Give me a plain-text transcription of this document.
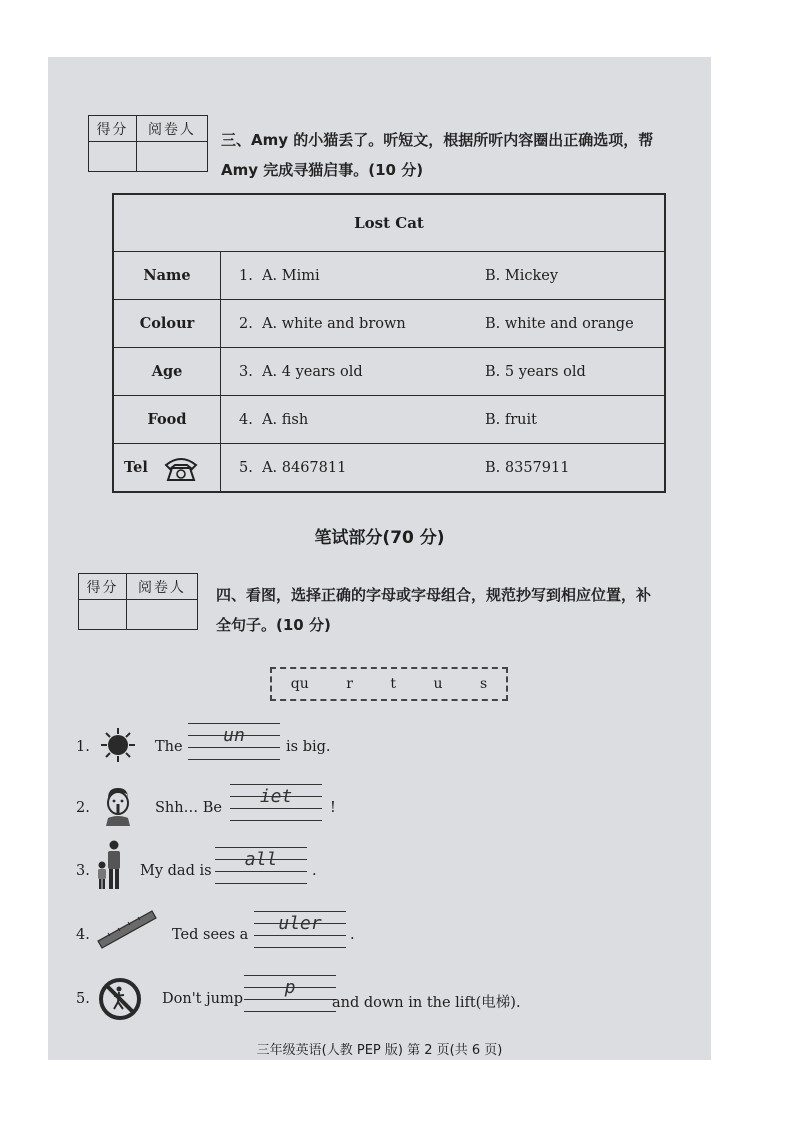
得分	阅卷人

三、Amy 的小猫丢了。听短文，根据所听内容圈出正确选项，帮
Amy 完成寻猫启事。(10 分)
Lost Cat	
Name	1. A. Mimi B. Mickey

Colour	2. A. white and brown B. white and orange

Age	3. A. 4 years old B. 5 years old

Food	4. A. fish B. fruit

Tel	5. A. 8467811 B. 8357911
笔试部分(70 分)
得分	阅卷人
	四、看图，选择正确的字母或字母组合，规范抄写到相应位置，补
全句子。(10 分)
qu	r	t	u	s
1.	The
un
is big.
2.	Shh… Be
iet
!
3.	My dad is
all
.
4.	Ted sees a
uler
.
5.	Don't jump
p
and down in the lift(电梯).
三年级英语(人教 PEP 版) 第 2 页(共 6 页)
